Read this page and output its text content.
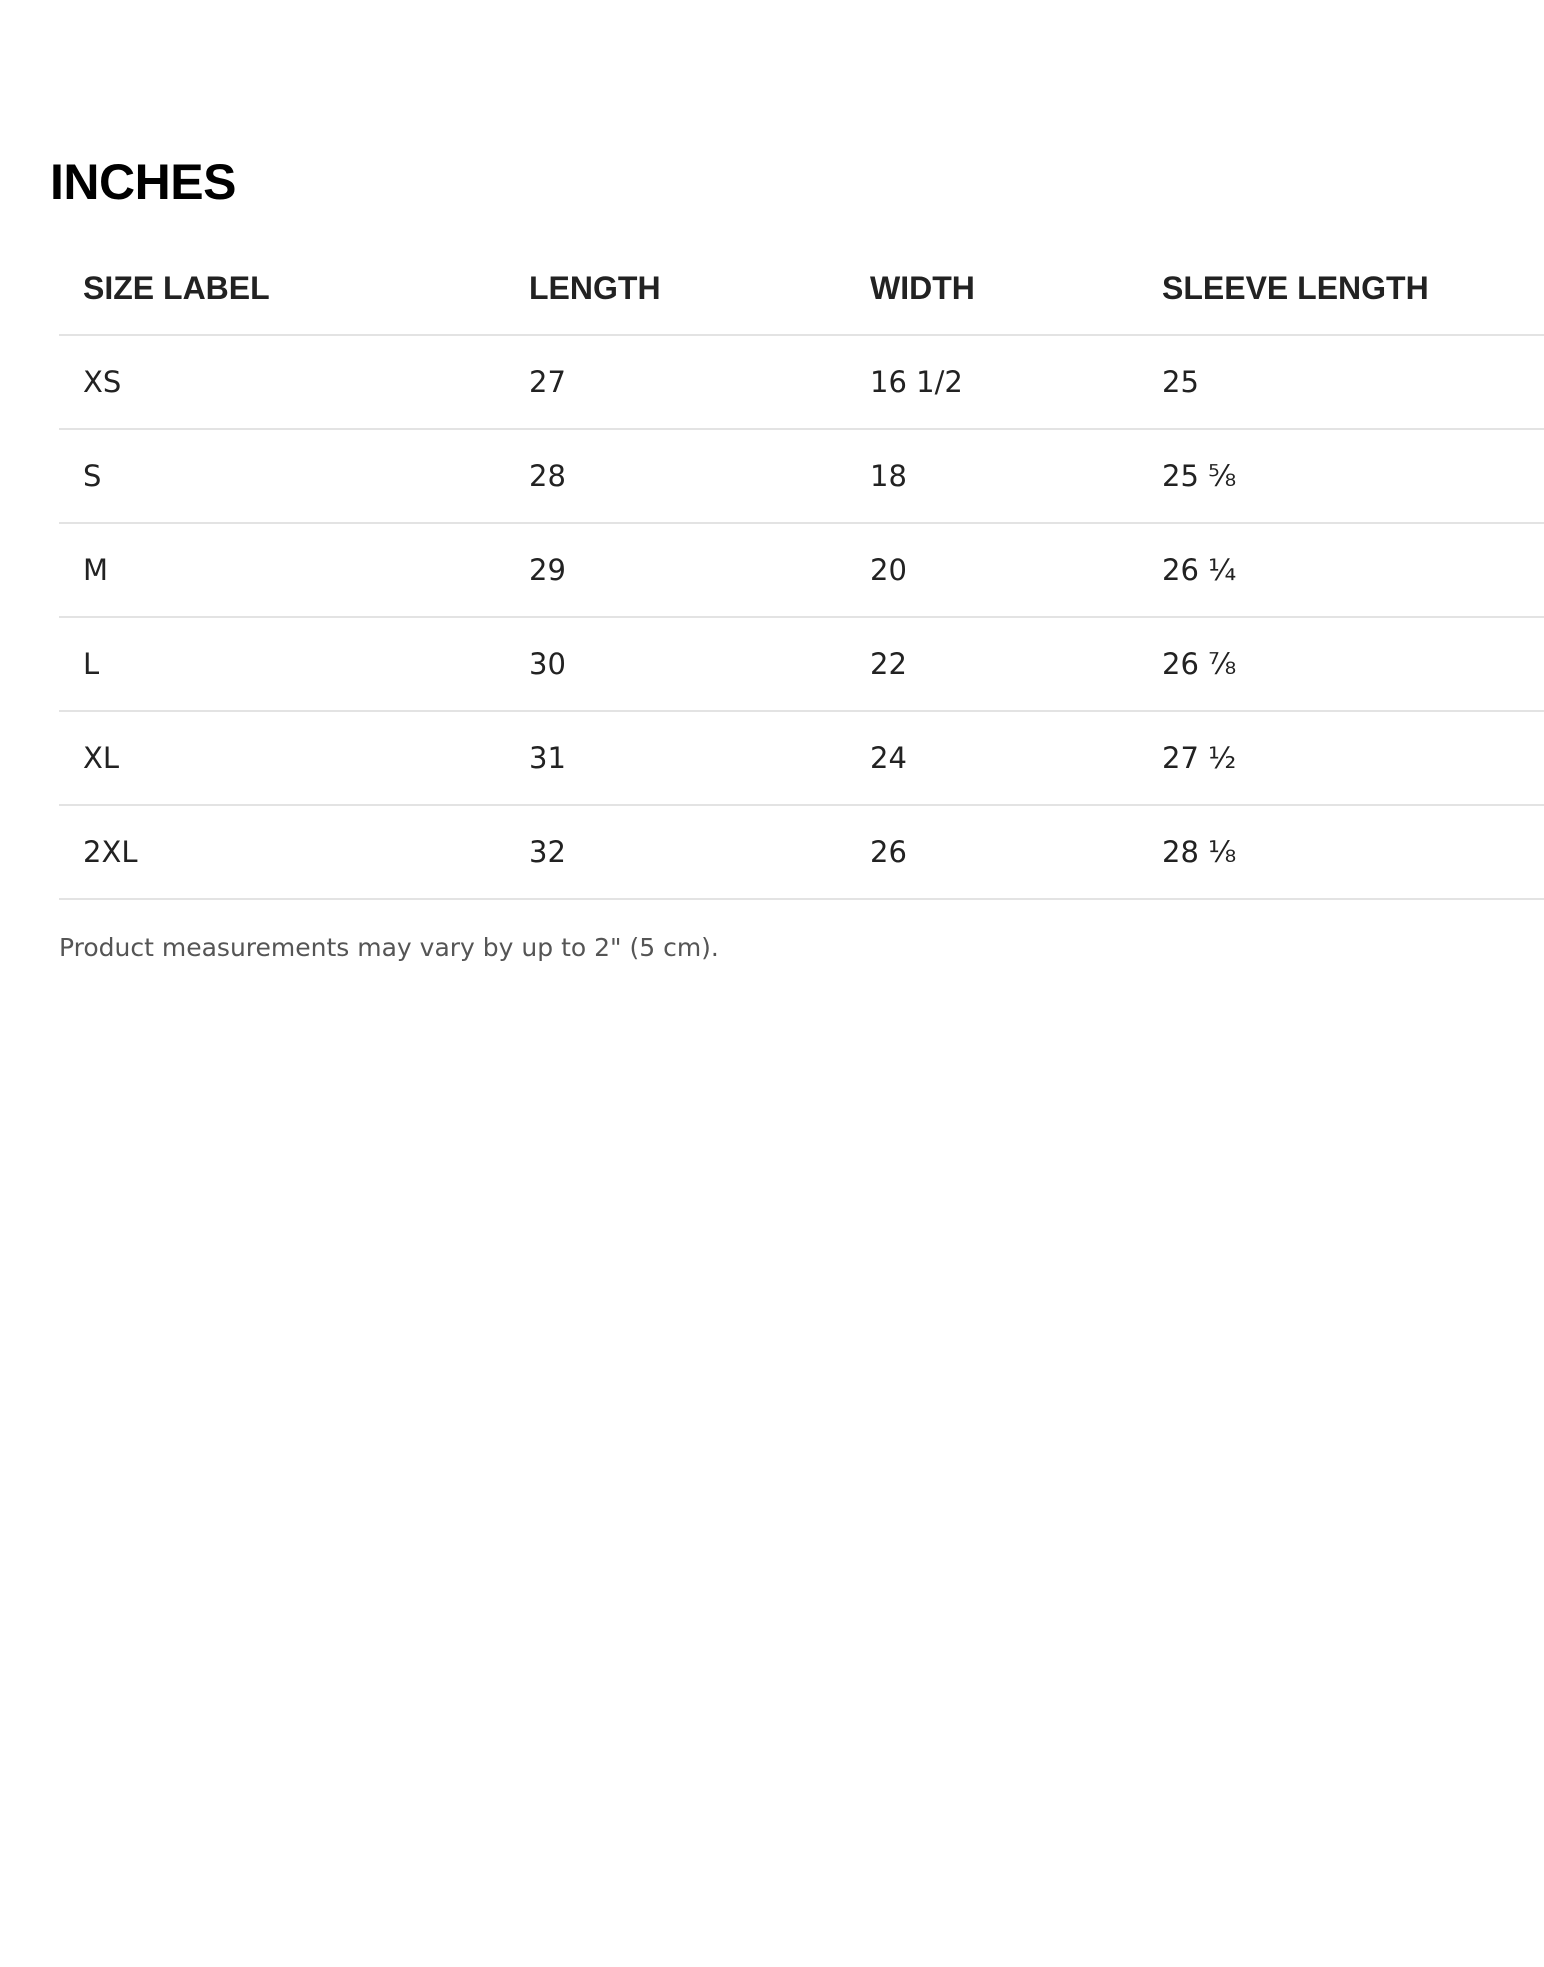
INCHES
SIZE LABEL	LENGTH	WIDTH	SLEEVE LENGTH
XS	27	16 1/2	25
S	28	18	25 ⅝
M	29	20	26 ¼
L	30	22	26 ⅞
XL	31	24	27 ½
2XL	32	26	28 ⅛

Product measurements may vary by up to 2" (5 cm).
